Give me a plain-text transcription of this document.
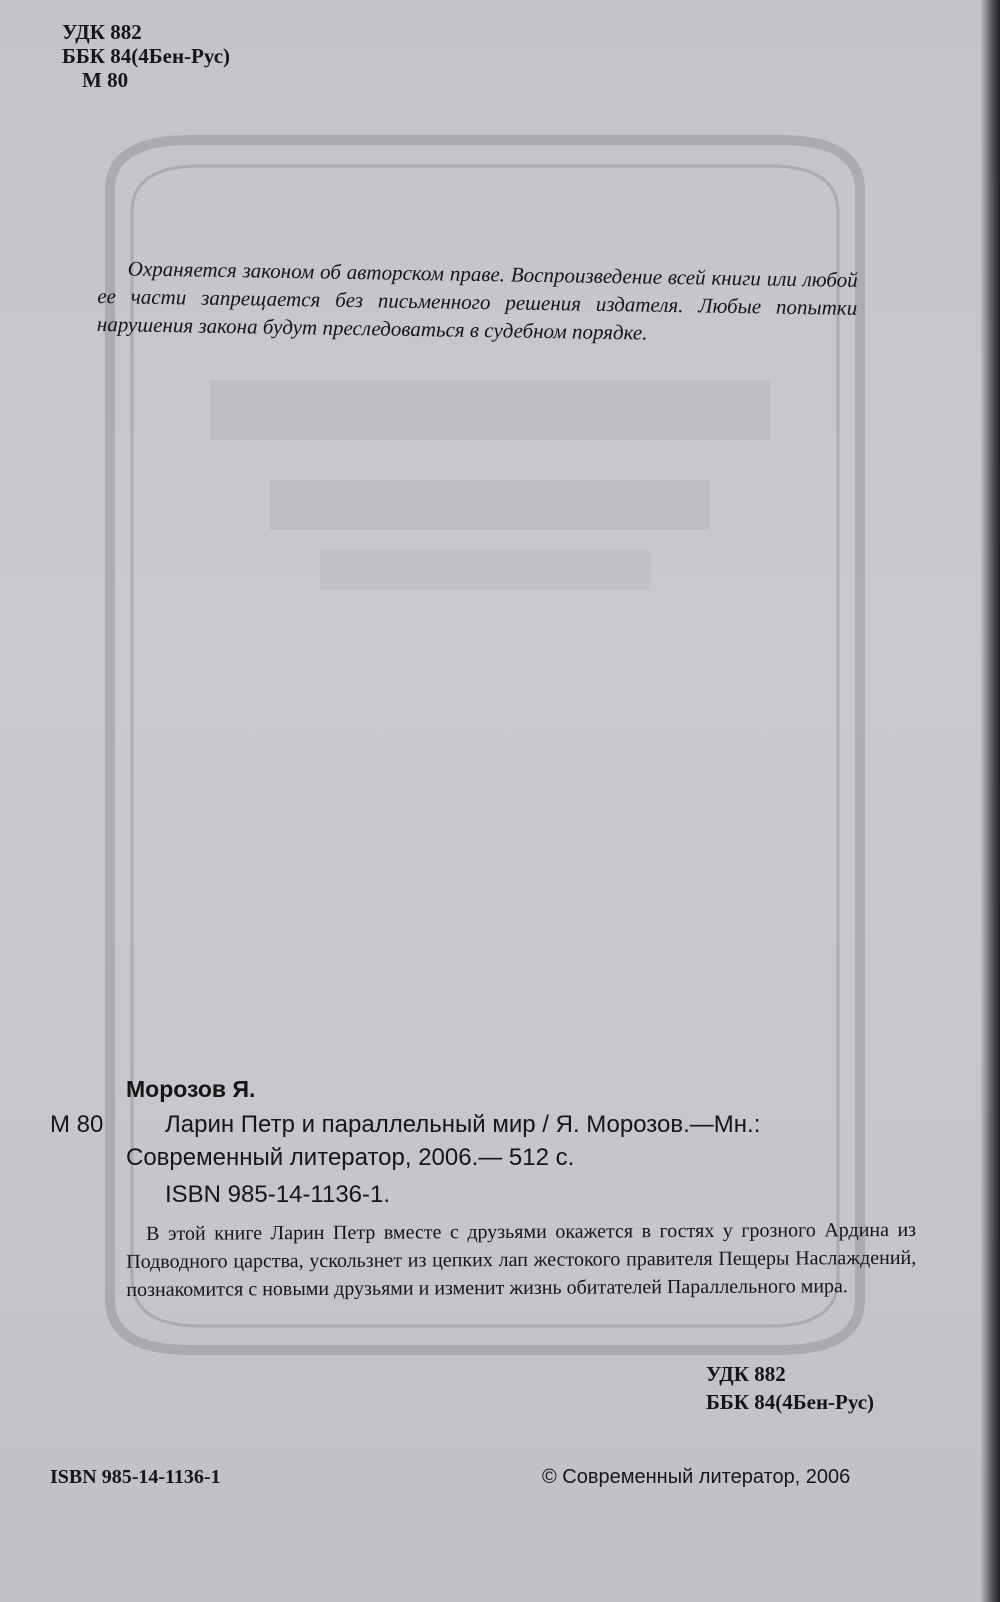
УДК 882
ББК 84(4Бен-Рус)
М 80

Охраняется законом об авторском праве. Воспроизведение всей книги или любой ее части запрещается без письменного решения издателя. Любые попытки нарушения закона будут преследоваться в судебном порядке.

Морозов Я.
М 80	Ларин Петр и параллельный мир / Я. Морозов.—Мн.:
Современный литератор, 2006.— 512 с.
ISBN 985-14-1136-1.

В этой книге Ларин Петр вместе с друзьями окажется в гостях у грозного Ардина из Подводного царства, ускользнет из цепких лап жестокого правителя Пещеры Наслаждений, познакомится с новыми друзьями и изменит жизнь обитателей Параллельного мира.

УДК 882
ББК 84(4Бен-Рус)
ISBN 985-14-1136-1	© Современный литератор, 2006
